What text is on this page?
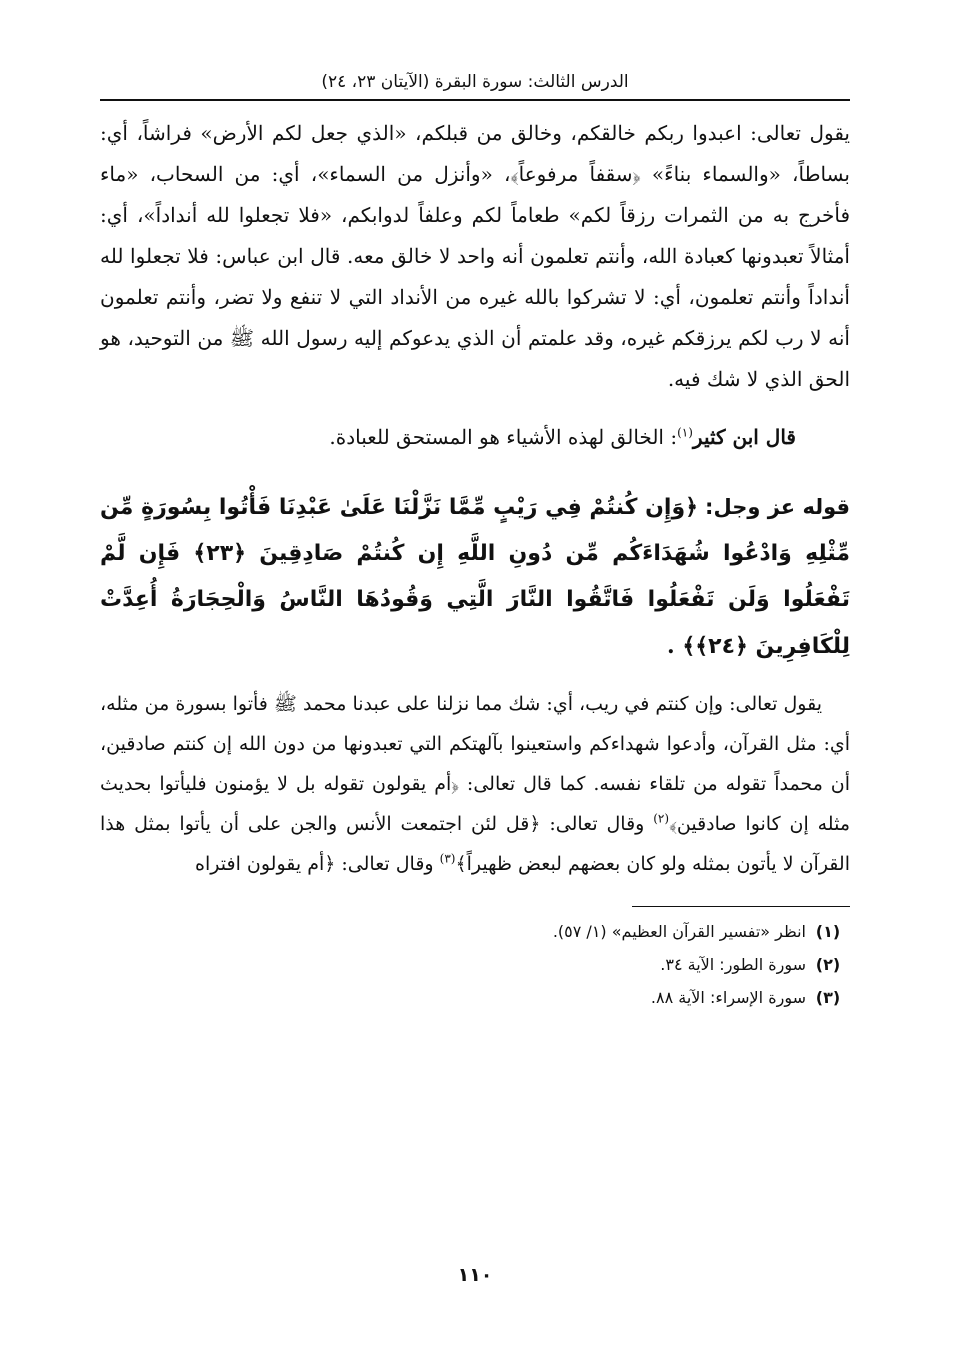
الدرس الثالث: سورة البقرة (الآيتان ٢٣، ٢٤)

يقول تعالى: اعبدوا ربكم خالقكم، وخالق من قبلكم، «الذي جعل لكم الأرض» فراشاً، أي: بساطاً، «والسماء بناءً» ﴿سقفاً مرفوعاً﴾، «وأنزل من السماء»، أي: من السحاب، «ماء فأخرج به من الثمرات رزقاً لكم» طعاماً لكم وعلفاً لدوابكم، «فلا تجعلوا لله أنداداً»، أي: أمثالاً تعبدونها كعبادة الله، وأنتم تعلمون أنه واحد لا خالق معه. قال ابن عباس: فلا تجعلوا لله أنداداً وأنتم تعلمون، أي: لا تشركوا بالله غيره من الأنداد التي لا تنفع ولا تضر، وأنتم تعلمون أنه لا رب لكم يرزقكم غيره، وقد علمتم أن الذي يدعوكم إليه رسول الله ﷺ من التوحيد، هو الحق الذي لا شك فيه.

قال ابن كثير$^{(١)}$: الخالق لهذه الأشياء هو المستحق للعبادة.
قوله عز وجل: ﴿وَإِن كُنتُمْ فِي رَيْبٍ مِّمَّا نَزَّلْنَا عَلَىٰ عَبْدِنَا فَأْتُوا بِسُورَةٍ مِّن مِّثْلِهِ وَادْعُوا شُهَدَاءَكُم مِّن دُونِ اللَّهِ إِن كُنتُمْ صَادِقِينَ ﴿٢٣﴾ فَإِن لَّمْ تَفْعَلُوا وَلَن تَفْعَلُوا فَاتَّقُوا النَّارَ الَّتِي وَقُودُهَا النَّاسُ وَالْحِجَارَةُ أُعِدَّتْ لِلْكَافِرِينَ ﴿٢٤﴾﴾ .

يقول تعالى: وإن كنتم في ريب، أي: شك مما نزلنا على عبدنا محمد ﷺ فأتوا بسورة من مثله، أي: مثل القرآن، وأدعوا شهداءكم واستعينوا بآلهتكم التي تعبدونها من دون الله إن كنتم صادقين، أن محمداً تقوله من تلقاء نفسه. كما قال تعالى: ﴿أم يقولون تقوله بل لا يؤمنون فليأتوا بحديث مثله إن كانوا صادقين﴾$^{(٢)}$ وقال تعالى: ﴿قل لئن اجتمعت الأنس والجن على أن يأتوا بمثل هذا القرآن لا يأتون بمثله ولو كان بعضهم لبعض ظهيراً﴾$^{(٣)}$ وقال تعالى: ﴿أم يقولون افتراه

(١)
انظر «تفسير القرآن العظيم» (١/ ٥٧).
(٢)
سورة الطور: الآية ٣٤.
(٣)
سورة الإسراء: الآية ٨٨.
١١٠
